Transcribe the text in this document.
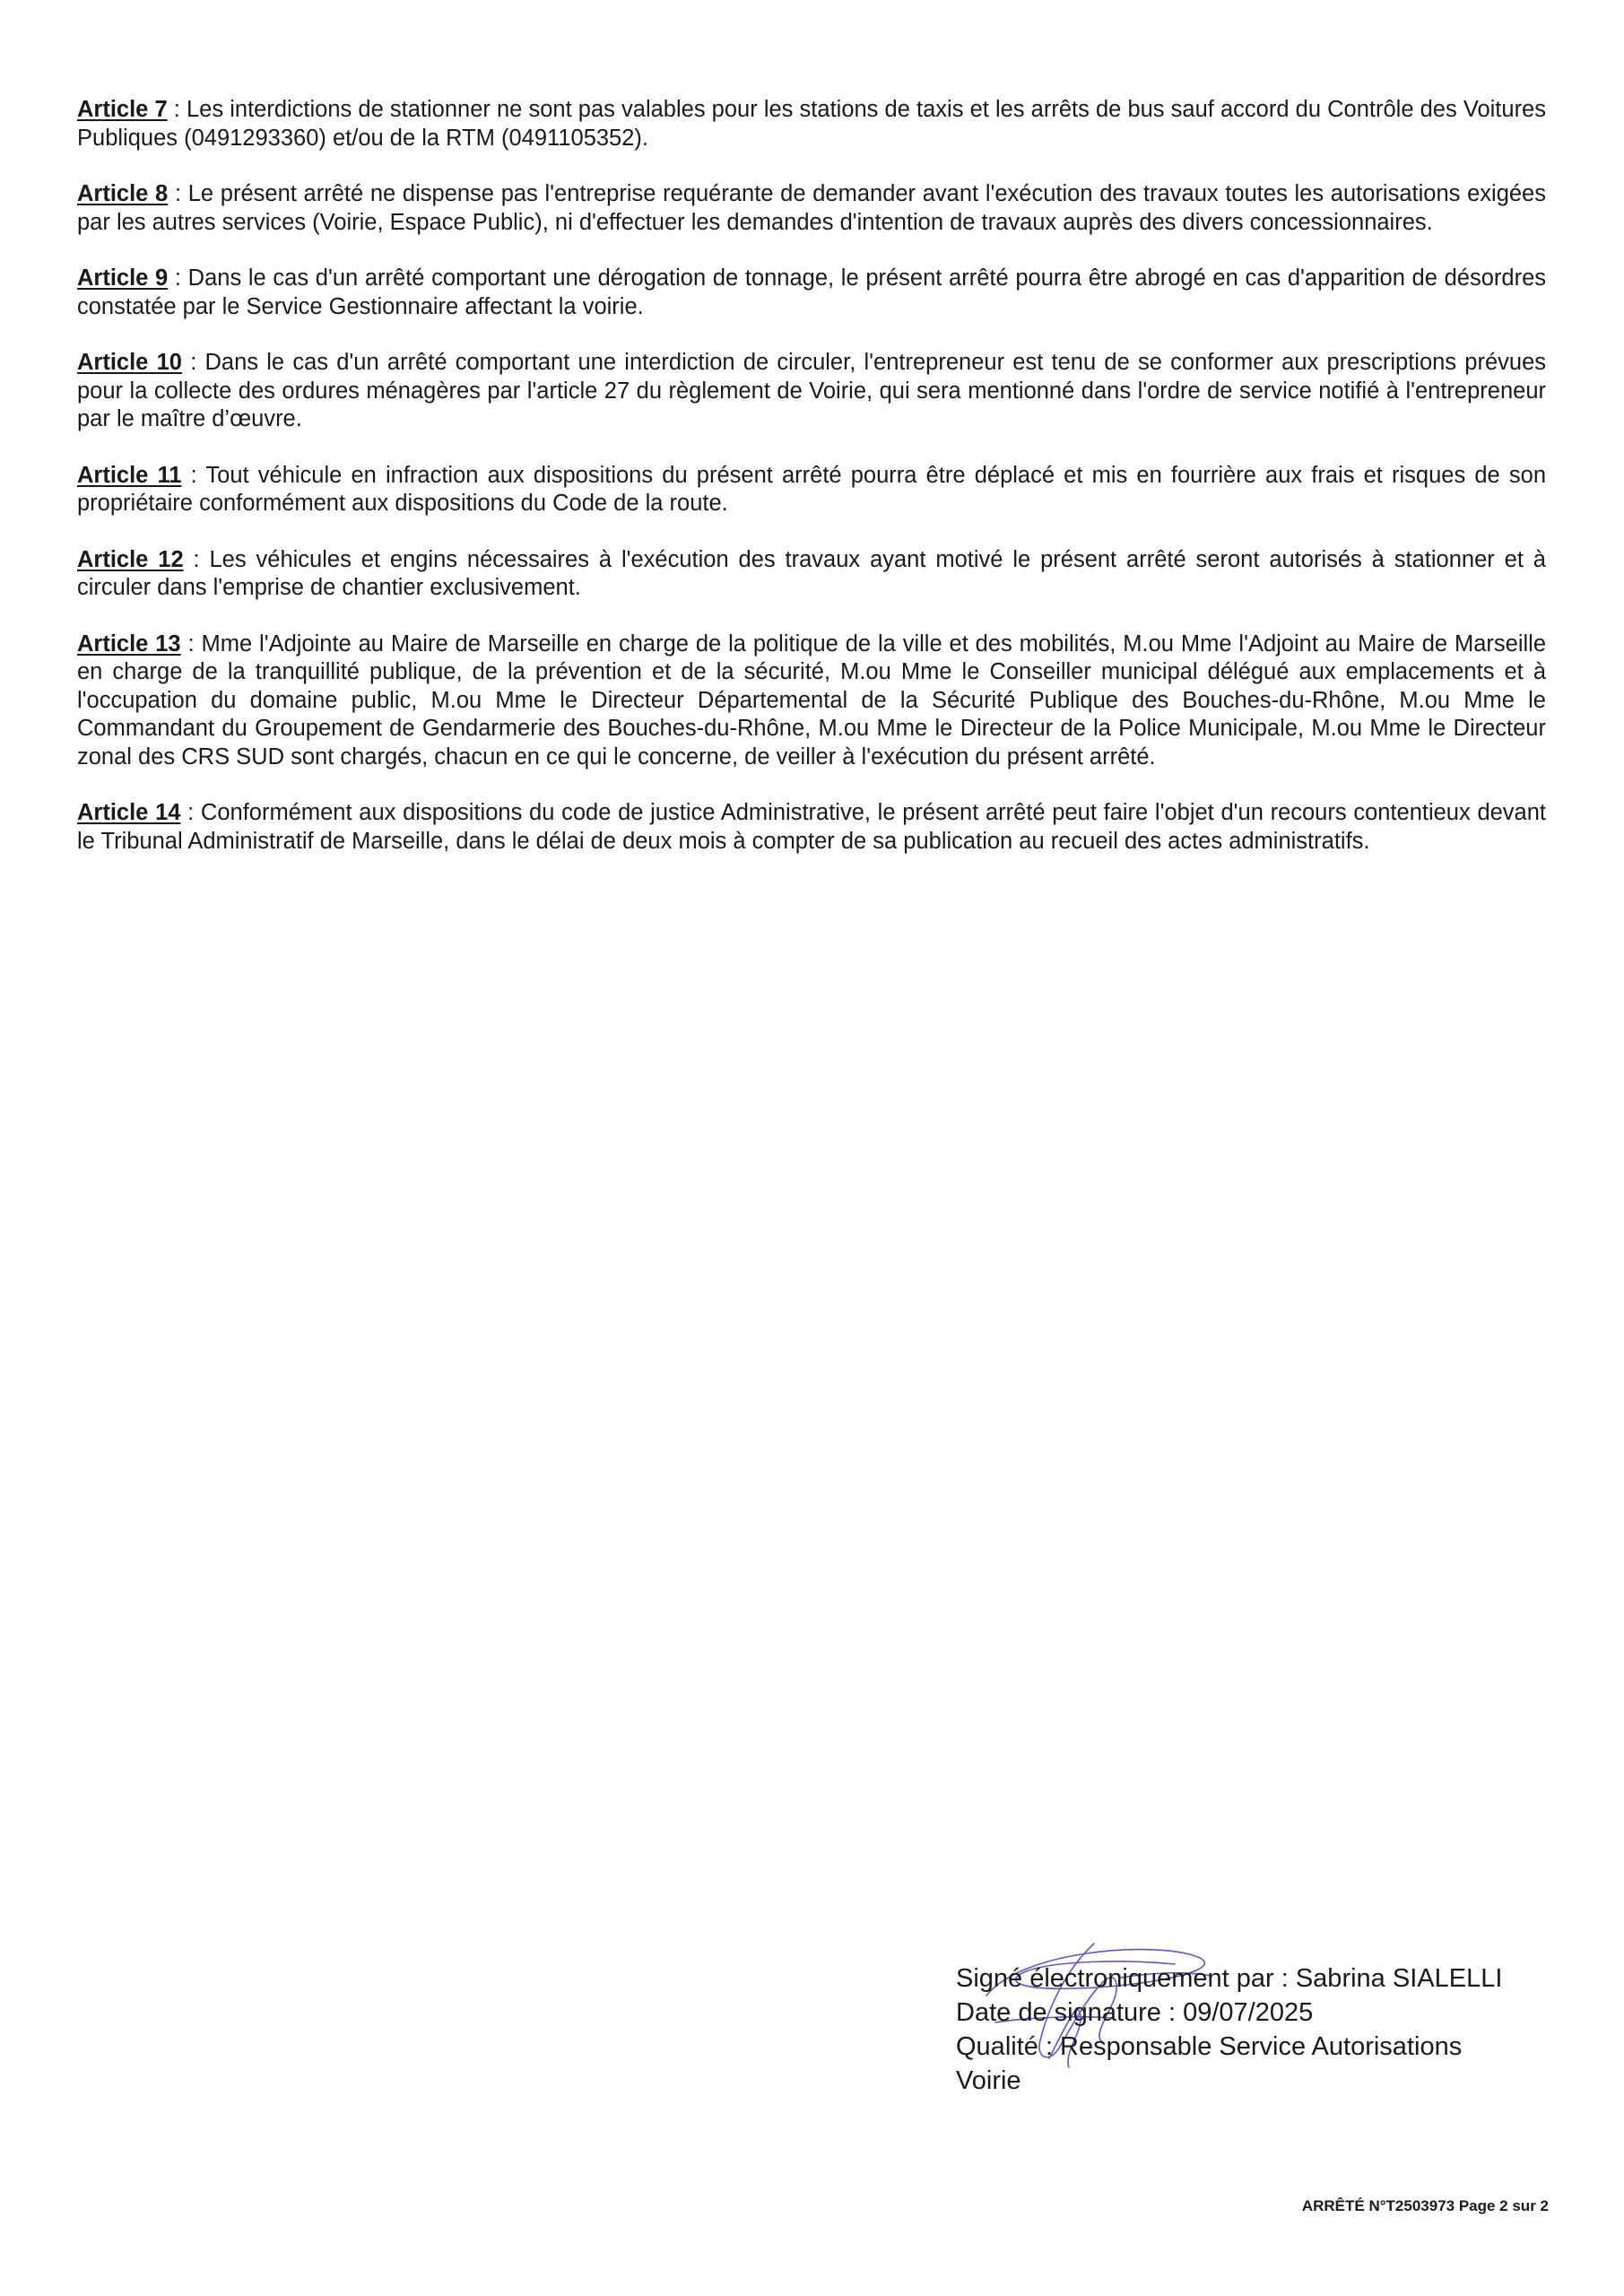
Article 7 : Les interdictions de stationner ne sont pas valables pour les stations de taxis et les arrêts de bus sauf accord du Contrôle des Voitures Publiques (0491293360) et/ou de la RTM (0491105352).

Article 8 : Le présent arrêté ne dispense pas l'entreprise requérante de demander avant l'exécution des travaux toutes les autorisations exigées par les autres services (Voirie, Espace Public), ni d'effectuer les demandes d'intention de travaux auprès des divers concessionnaires.

Article 9 : Dans le cas d'un arrêté comportant une dérogation de tonnage, le présent arrêté pourra être abrogé en cas d'apparition de désordres constatée par le Service Gestionnaire affectant la voirie.

Article 10 : Dans le cas d'un arrêté comportant une interdiction de circuler, l'entrepreneur est tenu de se conformer aux prescriptions prévues pour la collecte des ordures ménagères par l'article 27 du règlement de Voirie, qui sera mentionné dans l'ordre de service notifié à l'entrepreneur par le maître d’œuvre.

Article 11 : Tout véhicule en infraction aux dispositions du présent arrêté pourra être déplacé et mis en fourrière aux frais et risques de son propriétaire conformément aux dispositions du Code de la route.

Article 12 : Les véhicules et engins nécessaires à l'exécution des travaux ayant motivé le présent arrêté seront autorisés à stationner et à circuler dans l'emprise de chantier exclusivement.

Article 13 : Mme l'Adjointe au Maire de Marseille en charge de la politique de la ville et des mobilités, M.ou Mme l'Adjoint au Maire de Marseille en charge de la tranquillité publique, de la prévention et de la sécurité, M.ou Mme le Conseiller municipal délégué aux emplacements et à l'occupation du domaine public, M.ou Mme le Directeur Départemental de la Sécurité Publique des Bouches-du-Rhône, M.ou Mme le Commandant du Groupement de Gendarmerie des Bouches-du-Rhône, M.ou Mme le Directeur de la Police Municipale, M.ou Mme le Directeur zonal des CRS SUD sont chargés, chacun en ce qui le concerne, de veiller à l'exécution du présent arrêté.

Article 14 : Conformément aux dispositions du code de justice Administrative, le présent arrêté peut faire l'objet d'un recours contentieux devant le Tribunal Administratif de Marseille, dans le délai de deux mois à compter de sa publication au recueil des actes administratifs.

Signé électroniquement par : Sabrina SIALELLI
Date de signature : 09/07/2025
Qualité : Responsable Service Autorisations
Voirie
ARRÊTÉ N°T2503973 Page 2 sur 2
